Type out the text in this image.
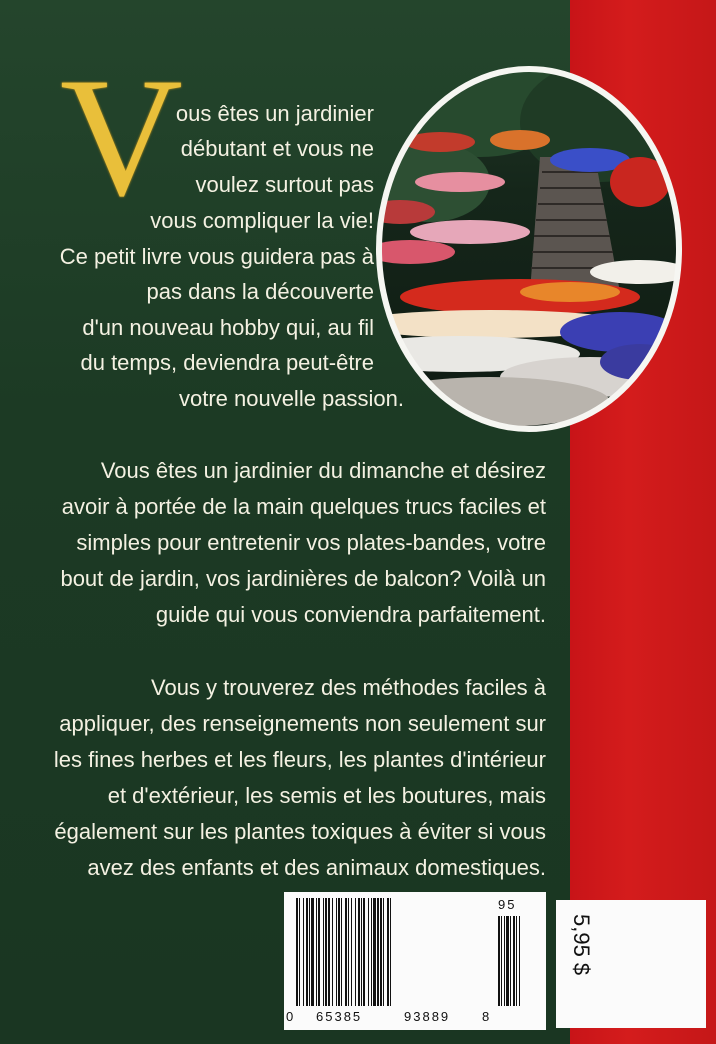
V
ous êtes un jardinier
débutant et vous ne
voulez surtout pas
vous compliquer la vie!
Ce petit livre vous guidera pas à
pas dans la découverte
d'un nouveau hobby qui, au fil
du temps, deviendra peut-être
votre nouvelle passion.
Vous êtes un jardinier du dimanche et désirez
avoir à portée de la main quelques trucs faciles et
simples pour entretenir vos plates-bandes, votre
bout de jardin, vos jardinières de balcon? Voilà un
guide qui vous conviendra parfaitement.
Vous y trouverez des méthodes faciles à
appliquer, des renseignements non seulement sur
les fines herbes et les fleurs, les plantes d'intérieur
et d'extérieur, les semis et les boutures, mais
également sur les plantes toxiques à éviter si vous
avez des enfants et des animaux domestiques.
0 65385	93889 8
95
5,95 $
